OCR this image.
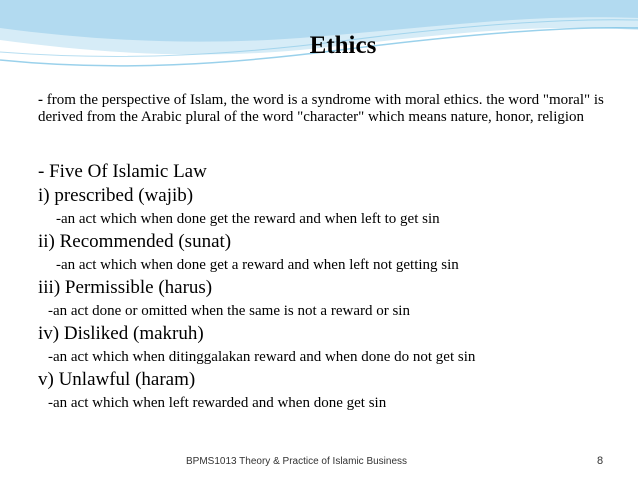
Ethics
- from the perspective of Islam, the word is a syndrome with moral ethics. the word "moral" is derived from the Arabic plural of the word "character" which means nature, honor, religion
- Five Of Islamic Law
i) prescribed (wajib)
-an act which when done get the reward and when left to get sin
ii) Recommended (sunat)
-an act which when done get a reward and when left not getting sin
iii) Permissible (harus)
-an act done or omitted when the same is not a reward or sin
iv) Disliked (makruh)
-an act which when ditinggalakan reward and when done do not get sin
v) Unlawful (haram)
-an act which when left rewarded and when done get sin
BPMS1013 Theory & Practice of Islamic Business	8
